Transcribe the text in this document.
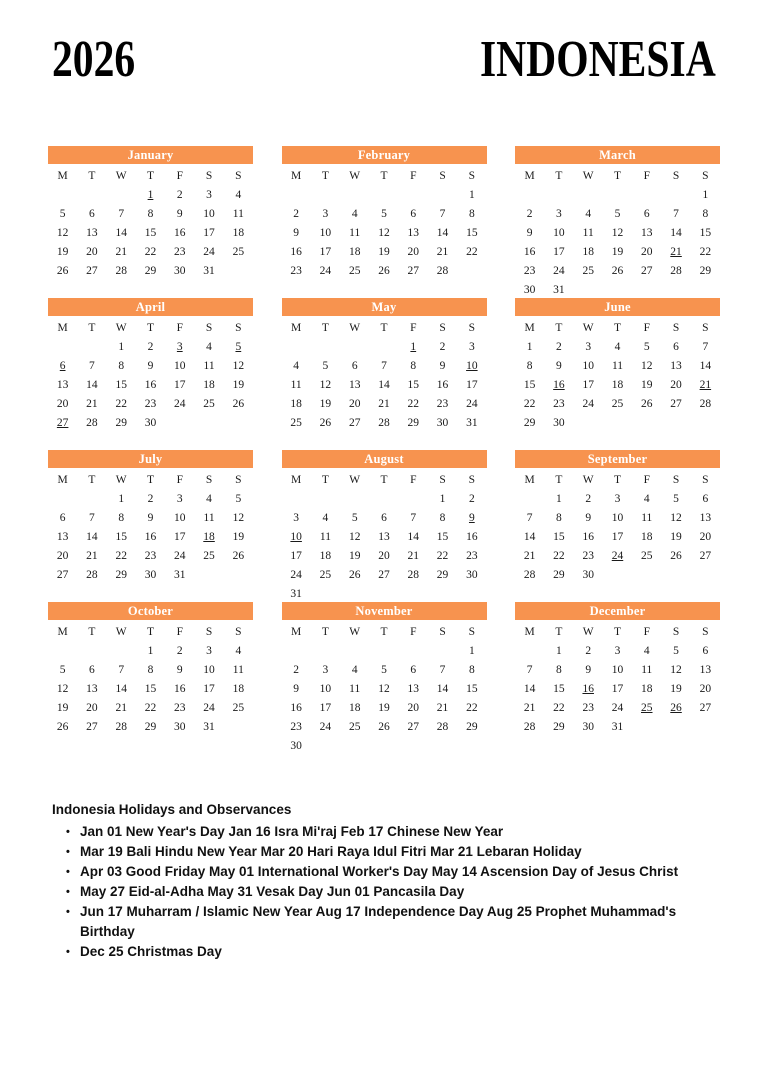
2026	INDONESIA
January
M	T	W	T	F	S	S
			1	2	3	4
5	6	7	8	9	10	11
12	13	14	15	16	17	18
19	20	21	22	23	24	25
26	27	28	29	30	31	

February
M	T	W	T	F	S	S
						1
2	3	4	5	6	7	8
9	10	11	12	13	14	15
16	17	18	19	20	21	22
23	24	25	26	27	28	

March
M	T	W	T	F	S	S
						1
2	3	4	5	6	7	8
9	10	11	12	13	14	15
16	17	18	19	20	21	22
23	24	25	26	27	28	29
30	31					
April
M	T	W	T	F	S	S
		1	2	3	4	5
6	7	8	9	10	11	12
13	14	15	16	17	18	19
20	21	22	23	24	25	26
27	28	29	30			

May
M	T	W	T	F	S	S
				1	2	3
4	5	6	7	8	9	10
11	12	13	14	15	16	17
18	19	20	21	22	23	24
25	26	27	28	29	30	31

June
M	T	W	T	F	S	S
1	2	3	4	5	6	7
8	9	10	11	12	13	14
15	16	17	18	19	20	21
22	23	24	25	26	27	28
29	30					

July
M	T	W	T	F	S	S
		1	2	3	4	5
6	7	8	9	10	11	12
13	14	15	16	17	18	19
20	21	22	23	24	25	26
27	28	29	30	31		

August
M	T	W	T	F	S	S
					1	2
3	4	5	6	7	8	9
10	11	12	13	14	15	16
17	18	19	20	21	22	23
24	25	26	27	28	29	30
31						
September
M	T	W	T	F	S	S
	1	2	3	4	5	6
7	8	9	10	11	12	13
14	15	16	17	18	19	20
21	22	23	24	25	26	27
28	29	30				

October
M	T	W	T	F	S	S
			1	2	3	4
5	6	7	8	9	10	11
12	13	14	15	16	17	18
19	20	21	22	23	24	25
26	27	28	29	30	31	

November
M	T	W	T	F	S	S
						1
2	3	4	5	6	7	8
9	10	11	12	13	14	15
16	17	18	19	20	21	22
23	24	25	26	27	28	29
30						
December
M	T	W	T	F	S	S
	1	2	3	4	5	6
7	8	9	10	11	12	13
14	15	16	17	18	19	20
21	22	23	24	25	26	27
28	29	30	31			

Indonesia Holidays and Observances
• Jan 01 New Year's Day Jan 16 Isra Mi'raj Feb 17 Chinese New Year
• Mar 19 Bali Hindu New Year Mar 20 Hari Raya Idul Fitri Mar 21 Lebaran Holiday
• Apr 03 Good Friday May 01 International Worker's Day May 14 Ascension Day of Jesus Christ
• May 27 Eid-al-Adha May 31 Vesak Day Jun 01 Pancasila Day
• Jun 17 Muharram / Islamic New Year Aug 17 Independence Day Aug 25 Prophet Muhammad's Birthday
• Dec 25 Christmas Day
